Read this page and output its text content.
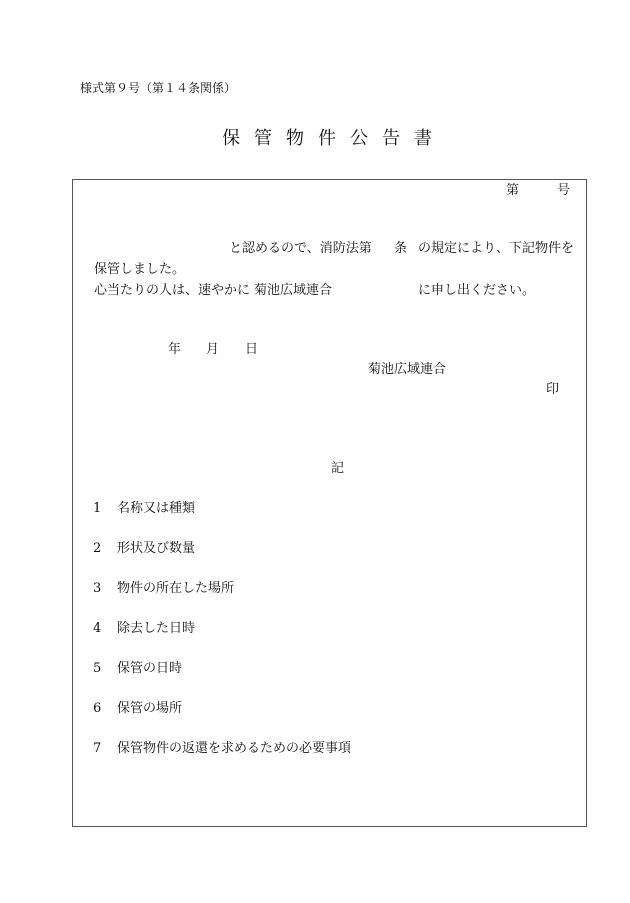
様式第９号（第１４条関係）
保管物件公告書
第	号
と認めるので、消防法第 条 の規定により、下記物件を
保管しました。
心当たりの人は、速やかに 菊池広域連合	に申し出ください。
年 月 日
菊池広域連合
印
記
1 名称又は種類
2 形状及び数量
3 物件の所在した場所
4 除去した日時
5 保管の日時
6 保管の場所
7 保管物件の返還を求めるための必要事項
